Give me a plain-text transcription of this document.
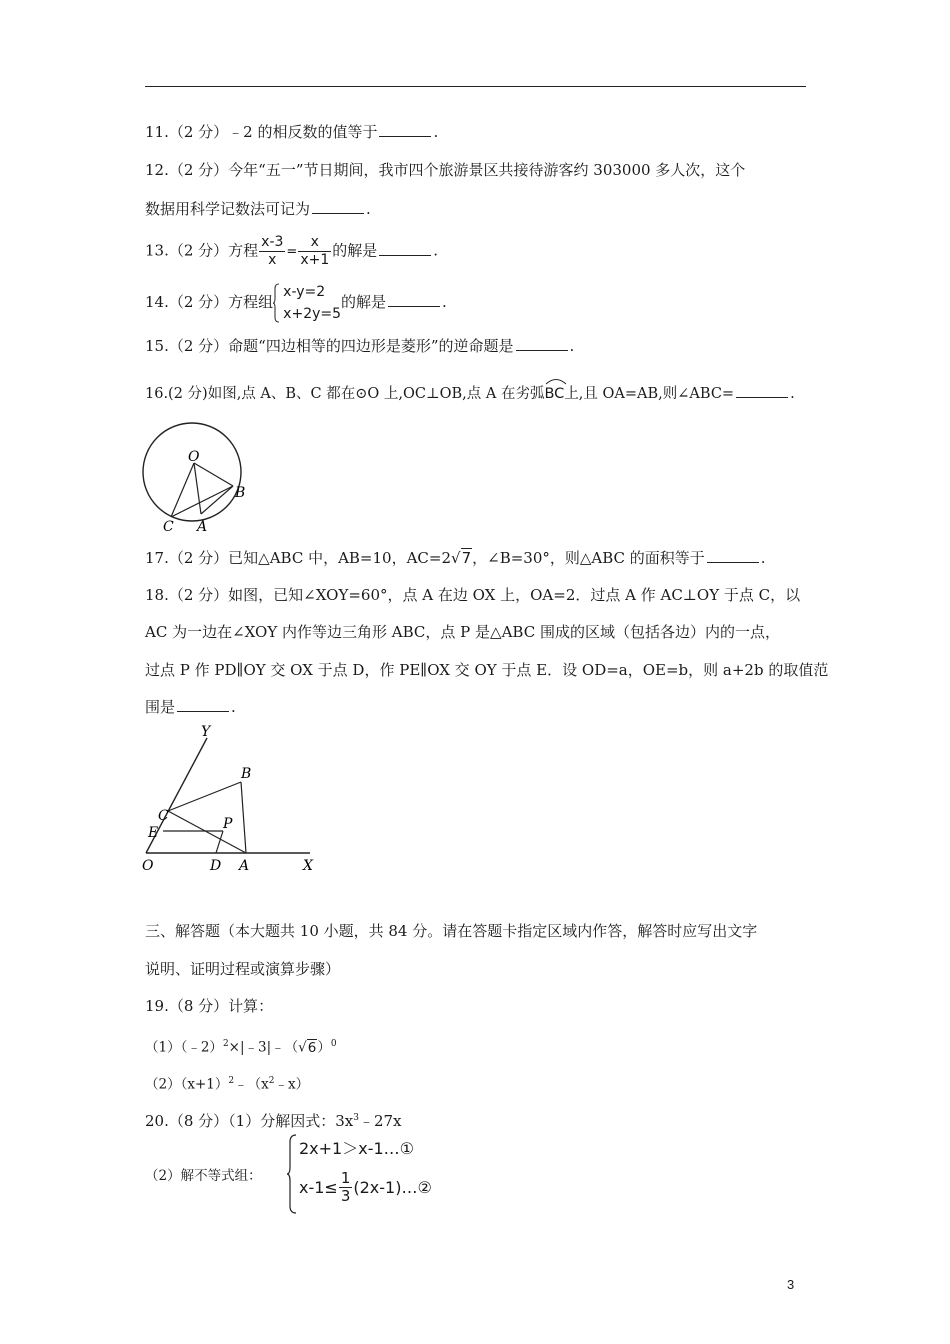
11.（2 分）﹣2 的相反数的值等于	.
12.（2 分）今年“五一”节日期间，我市四个旅游景区共接待游客约 303000 多人次，这个
数据用科学记数法可记为	.
13.（2 分）方程 $\frac{x-3}{x} = \frac{x}{x+1}$ 的解是	.
14.（2 分）方程组
x-y=2
x+2y=5
的解是	.
15.（2 分）命题“四边相等的四边形是菱形”的逆命题是	.
16.(2 分)如图,点 A、B、C 都在⊙O 上,OC⊥OB,点 A 在劣弧
BC上,且 OA=AB,则∠ABC=	.
O
B
C A
17.（2 分）已知△ABC 中，AB=10，AC=2√7，∠B=30°，则△ABC 的面积等于	.
18.（2 分）如图，已知∠XOY=60°，点 A 在边 OX 上，OA=2．过点 A 作 AC⊥OY 于点 C，以
AC 为一边在∠XOY 内作等边三角形 ABC，点 P 是△ABC 围成的区域（包括各边）内的一点，
过点 P 作 PD∥OY 交 OX 于点 D，作 PE∥OX 交 OY 于点 E．设 OD=a，OE=b，则 a+2b 的取值范
围是	.
Y
B
C	P
E
O	D A	X
三、解答题（本大题共 10 小题，共 84 分。请在答题卡指定区域内作答，解答时应写出文字
说明、证明过程或演算步骤）
19.（8 分）计算：
$(1)(﹣2)^2\times|﹣3|﹣(√6)^0$
$(2)(x+1)^2﹣(x^2﹣x)$
20.（8 分）（1）分解因式：$3x^3﹣27x$
（2）解不等式组：
2x+1＞x-1…①
$x-1\le \frac{1}{3}$ (2x-1)…②
3
